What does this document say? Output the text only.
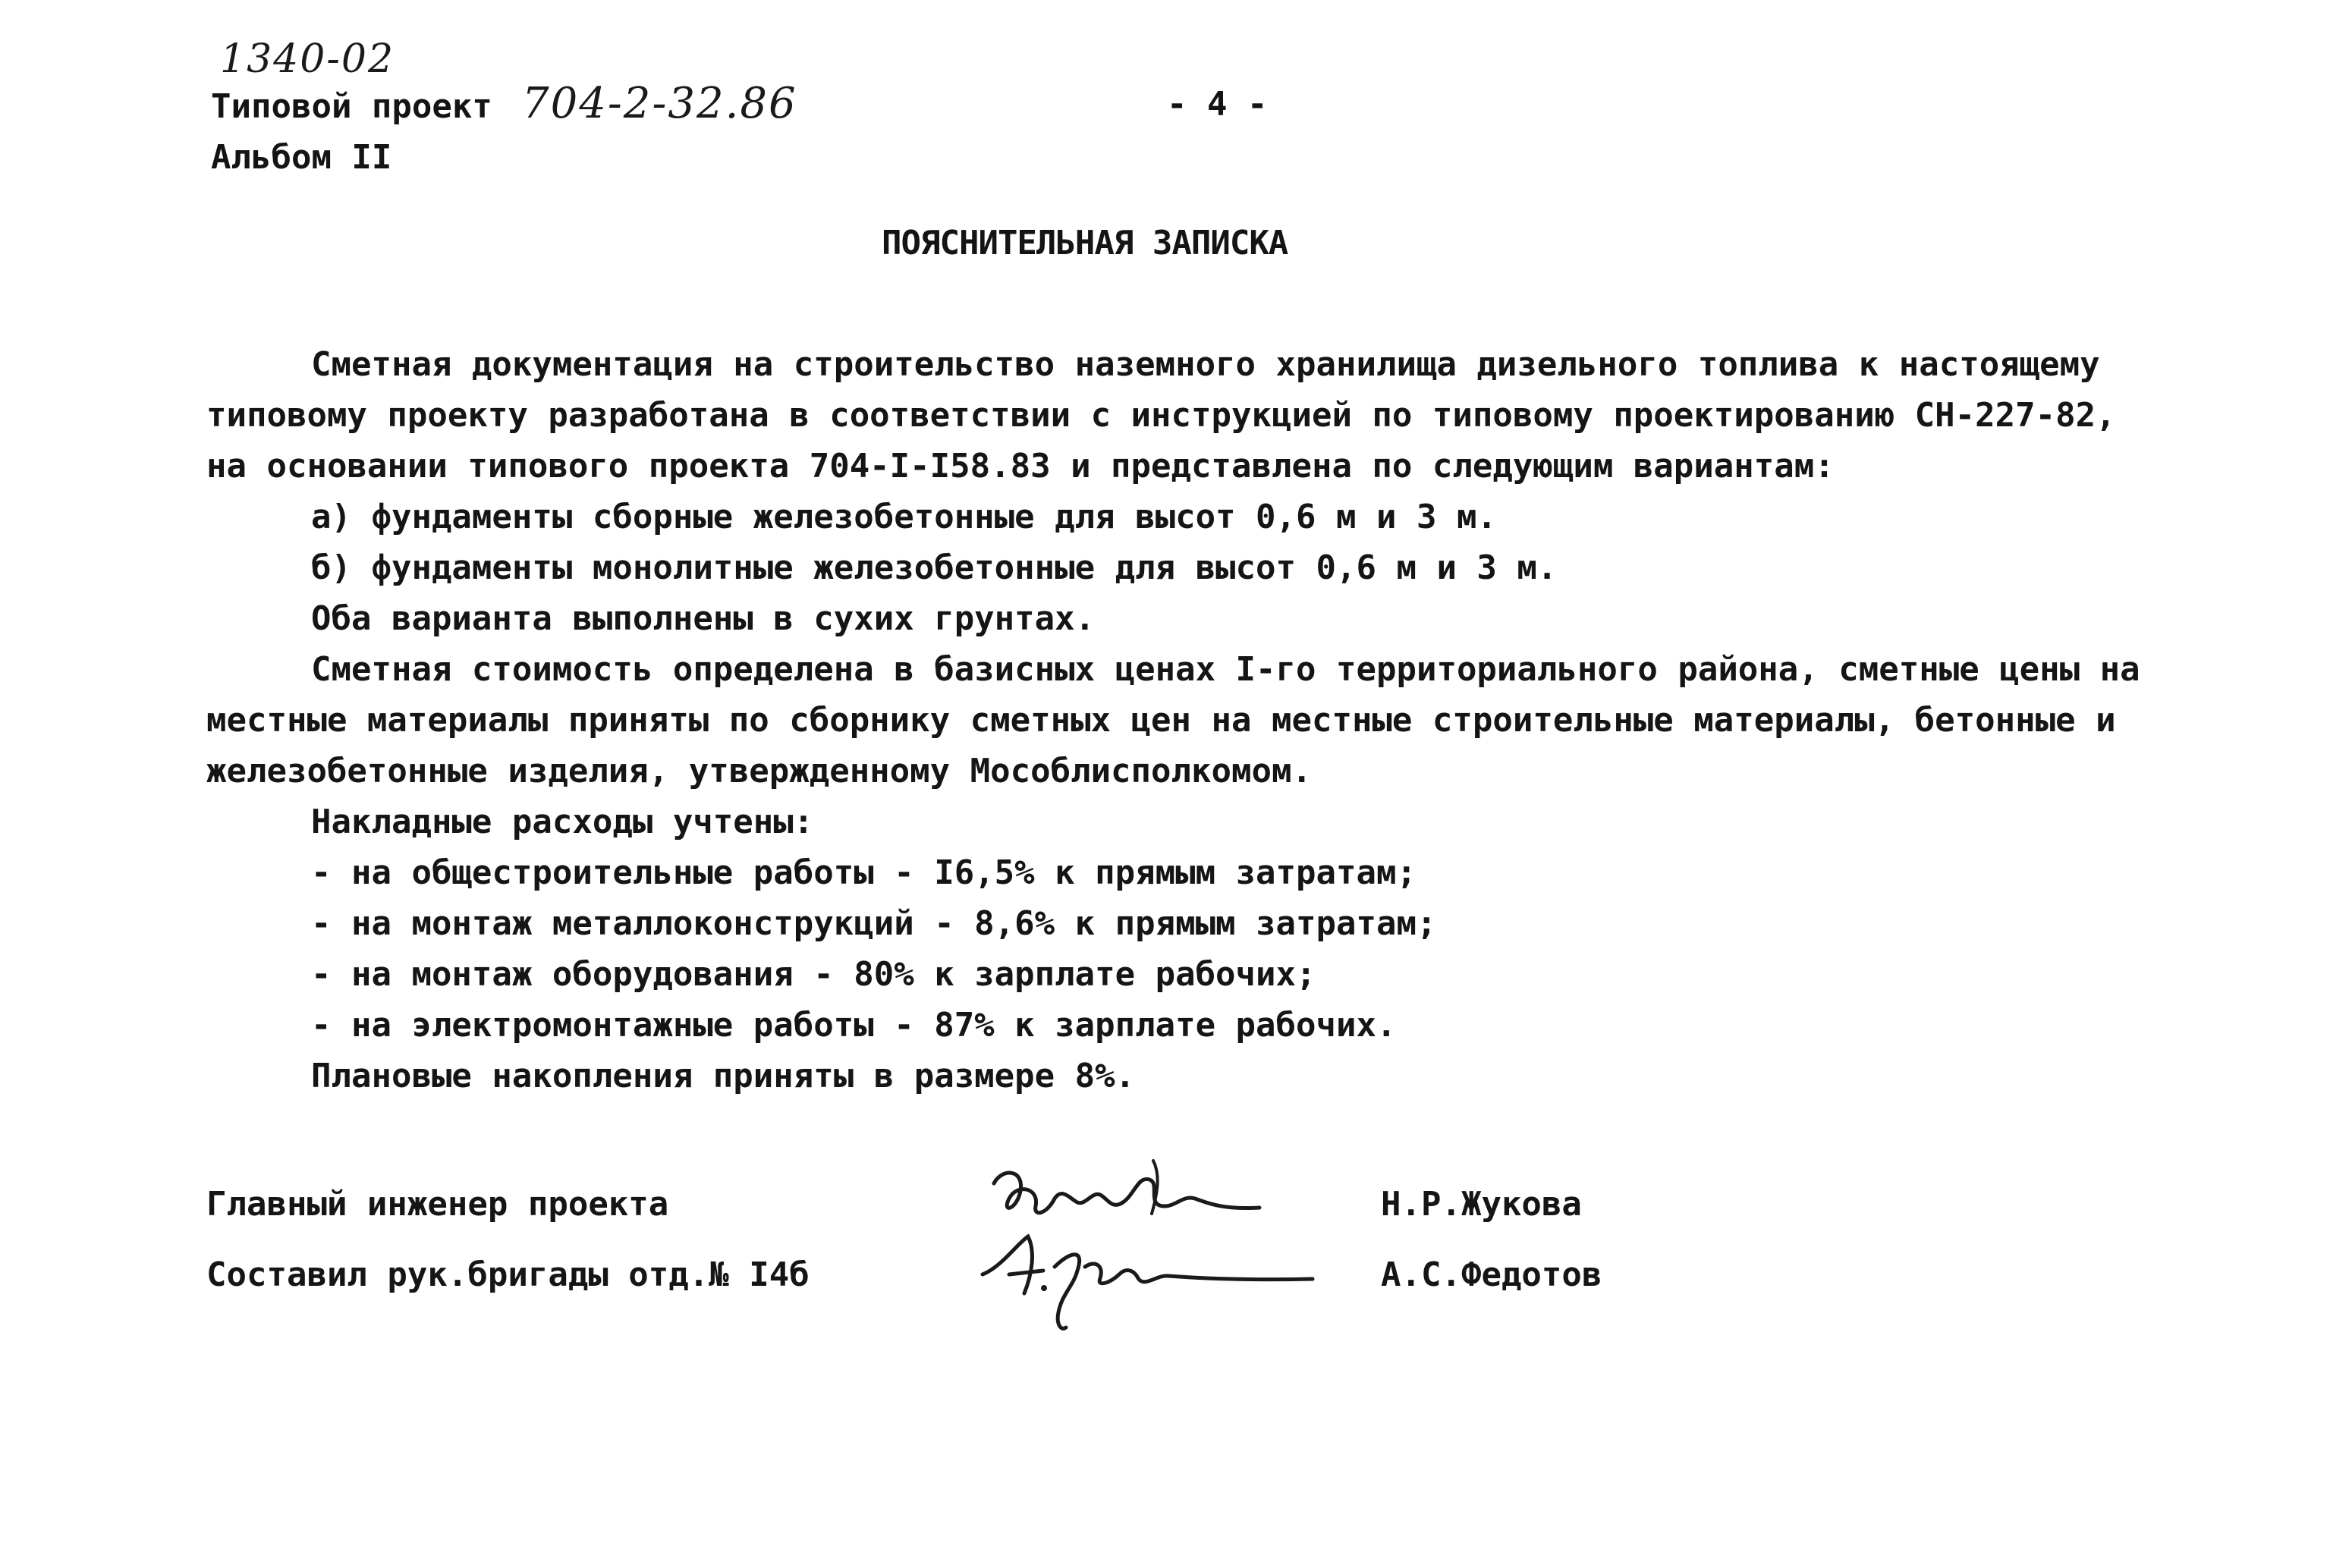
1340-02
Типовой проект 704-2-32.86	- 4 -
Альбом II
ПОЯСНИТЕЛЬНАЯ ЗАПИСКА
Сметная документация на строительство наземного хранилища дизельного топлива к настоящему
типовому проекту разработана в соответствии с инструкцией по типовому проектированию СН-227-82,
на основании типового проекта 704-I-I58.83 и представлена по следующим вариантам:
а) фундаменты сборные железобетонные для высот 0,6 м и 3 м.
б) фундаменты монолитные железобетонные для высот 0,6 м и 3 м.
Оба варианта выполнены в сухих грунтах.
Сметная стоимость определена в базисных ценах I-го территориального района, сметные цены на
местные материалы приняты по сборнику сметных цен на местные строительные материалы, бетонные и
железобетонные изделия, утвержденному Мособлисполкомом.
Накладные расходы учтены:
- на общестроительные работы - I6,5% к прямым затратам;
- на монтаж металлоконструкций - 8,6% к прямым затратам;
- на монтаж оборудования - 80% к зарплате рабочих;
- на электромонтажные работы - 87% к зарплате рабочих.
Плановые накопления приняты в размере 8%.
Главный инженер проекта	Н.Р.Жукова
Составил рук.бригады отд.№ I4б	А.С.Федотов
